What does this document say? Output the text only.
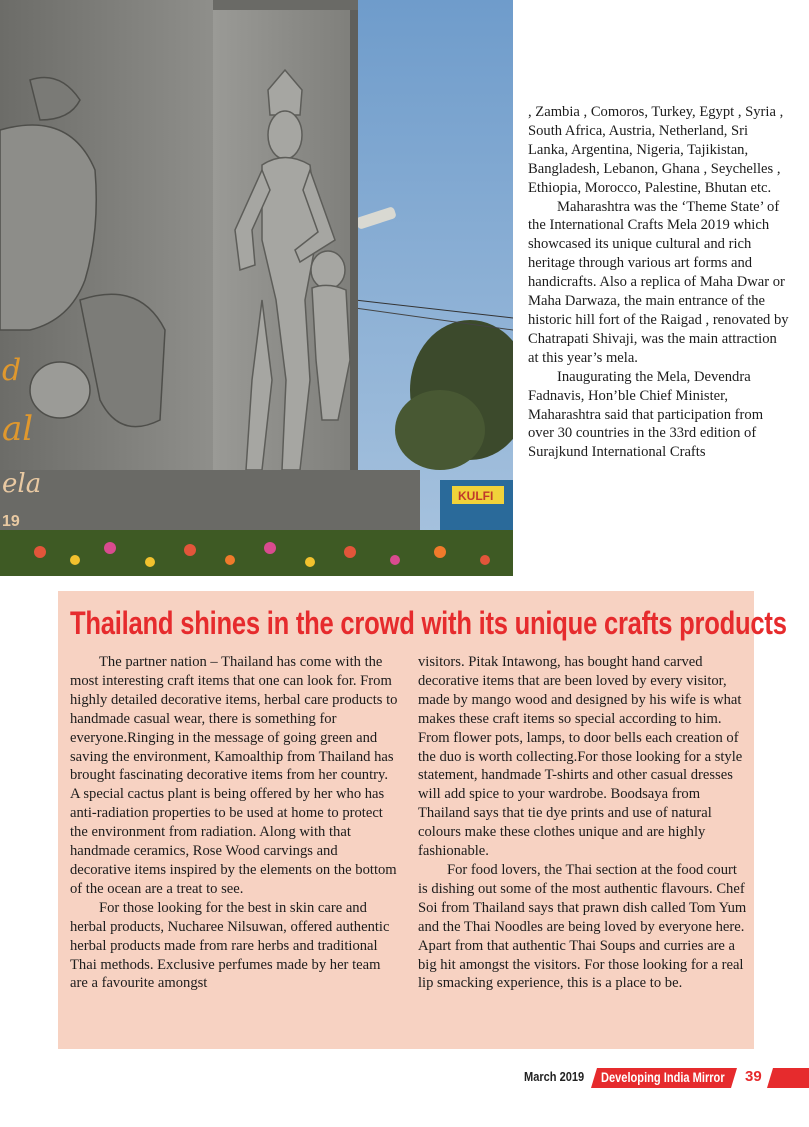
d
al
ela
19
KULFI

, Zambia , Comoros, Turkey, Egypt , Syria , South Africa, Austria, Netherland, Sri Lanka, Argentina, Nigeria, Tajikistan, Bangladesh, Lebanon, Ghana , Seychelles , Ethiopia, Morocco, Palestine, Bhutan etc.

Maharashtra was the ‘Theme State’ of the International Crafts Mela 2019 which showcased its unique cultural and rich heritage through various art forms and handicrafts. Also a replica of Maha Dwar or Maha Darwaza, the main entrance of the historic hill fort of the Raigad , renovated by Chatrapati Shivaji, was the main attraction at this year’s mela.

Inaugurating the Mela, Devendra Fadnavis, Hon’ble Chief Minister, Maharashtra said that participation from over 30 countries in the 33rd edition of Surajkund International Crafts

Thailand shines in the crowd with its unique crafts products

The partner nation – Thailand has come with the most interesting craft items that one can look for. From highly detailed decorative items, herbal care products to handmade casual wear, there is something for everyone.Ringing in the message of going green and saving the environment, Kamoalthip from Thailand has brought fascinating decorative items from her country. A special cactus plant is being offered by her who has anti-radiation properties to be used at home to protect the environment from radiation. Along with that handmade ceramics, Rose Wood carvings and decorative items inspired by the elements on the bottom of the ocean are a treat to see.

For those looking for the best in skin care and herbal products, Nucharee Nilsuwan, offered authentic herbal products made from rare herbs and traditional Thai methods. Exclusive perfumes made by her team are a favourite amongst

visitors. Pitak Intawong, has bought hand carved decorative items that are been loved by every visitor, made by mango wood and designed by his wife is what makes these craft items so special according to him. From flower pots, lamps, to door bells each creation of the duo is worth collecting.For those looking for a style statement, handmade T-shirts and other casual dresses will add spice to your wardrobe. Boodsaya from Thailand says that tie dye prints and use of natural colours make these clothes unique and are highly fashionable.

For food lovers, the Thai section at the food court is dishing out some of the most authentic flavours. Chef Soi from Thailand says that prawn dish called Tom Yum and the Thai Noodles are being loved by everyone here. Apart from that authentic Thai Soups and curries are a big hit amongst the visitors. For those looking for a real lip smacking experience, this is a place to be.

March 2019 Developing India Mirror 39
